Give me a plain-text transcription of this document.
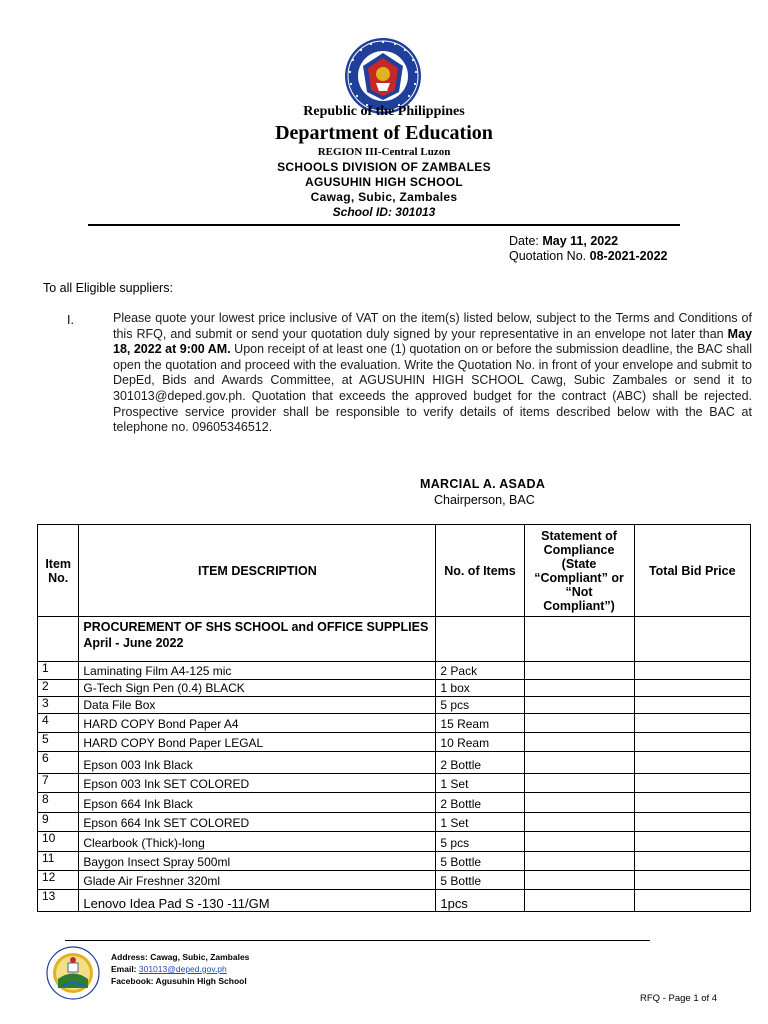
Republic of the Philippines
Department of Education
REGION III-Central Luzon
SCHOOLS DIVISION OF ZAMBALES
AGUSUHIN HIGH SCHOOL
Cawag, Subic, Zambales
School ID: 301013
Date: May 11, 2022
Quotation No. 08-2021-2022
To all Eligible suppliers:
I.	Please quote your lowest price inclusive of VAT on the item(s) listed below, subject to the Terms and Conditions of this RFQ, and submit or send your quotation duly signed by your representative in an envelope not later than May 18, 2022 at 9:00 AM. Upon receipt of at least one (1) quotation on or before the submission deadline, the BAC shall open the quotation and proceed with the evaluation. Write the Quotation No. in front of your envelope and submit to DepEd, Bids and Awards Committee, at AGUSUHIN HIGH SCHOOL Cawg, Subic Zambales or send it to 301013@deped.gov.ph. Quotation that exceeds the approved budget for the contract (ABC) shall be rejected. Prospective service provider shall be responsible to verify details of items described below with the BAC at telephone no. 09605346512.
MARCIAL A. ASADA
Chairperson, BAC
Item No.	ITEM DESCRIPTION	No. of Items	Statement of Compliance (State “Compliant” or “Not Compliant”)	Total Bid Price
	PROCUREMENT OF SHS SCHOOL and OFFICE SUPPLIES April - June 2022			
1	Laminating Film A4-125 mic	2 Pack		
2	G-Tech Sign Pen (0.4) BLACK	1 box		
3	Data File Box	5 pcs		
4	HARD COPY Bond Paper A4	15 Ream		
5	HARD COPY Bond Paper LEGAL	10 Ream		
6	Epson 003 Ink Black	2 Bottle		
7	Epson 003 Ink SET COLORED	1 Set		
8	Epson 664 Ink Black	2 Bottle		
9	Epson 664 Ink SET COLORED	1 Set		
10	Clearbook (Thick)-long	5 pcs		
11	Baygon Insect Spray 500ml	5 Bottle		
12	Glade Air Freshner 320ml	5 Bottle		
13	Lenovo Idea Pad S -130 -11/GM	1pcs		
Address: Cawag, Subic, Zambales
Email: 301013@deped.gov.ph
Facebook: Agusuhin High School
RFQ - Page 1 of 4
